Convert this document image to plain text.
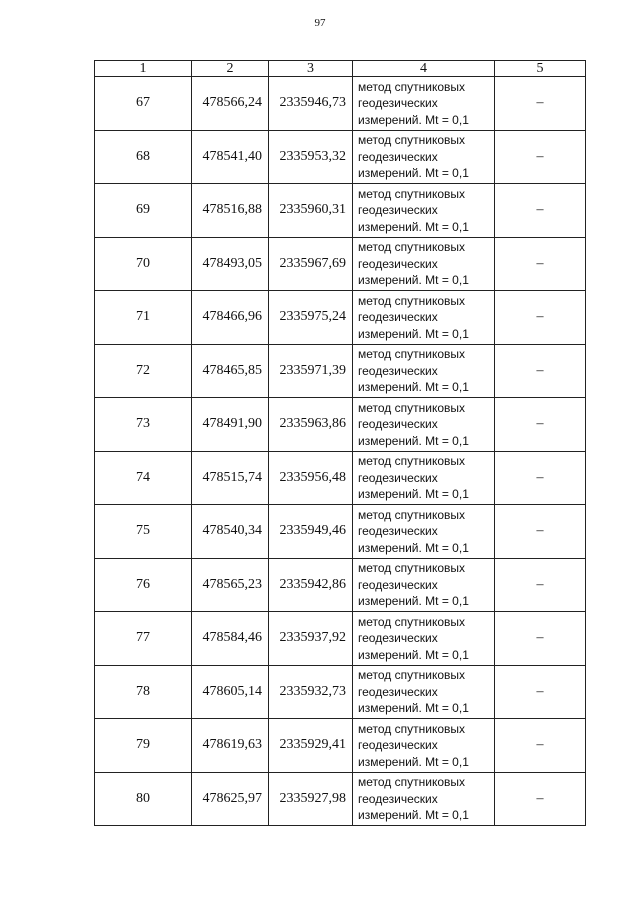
97
1	2	3	4	5
67	478566,24	2335946,73	метод спутниковых
геодезических
измерений. Mt = 0,1	–
68	478541,40	2335953,32	метод спутниковых
геодезических
измерений. Mt = 0,1	–
69	478516,88	2335960,31	метод спутниковых
геодезических
измерений. Mt = 0,1	–
70	478493,05	2335967,69	метод спутниковых
геодезических
измерений. Mt = 0,1	–
71	478466,96	2335975,24	метод спутниковых
геодезических
измерений. Mt = 0,1	–
72	478465,85	2335971,39	метод спутниковых
геодезических
измерений. Mt = 0,1	–
73	478491,90	2335963,86	метод спутниковых
геодезических
измерений. Mt = 0,1	–
74	478515,74	2335956,48	метод спутниковых
геодезических
измерений. Mt = 0,1	–
75	478540,34	2335949,46	метод спутниковых
геодезических
измерений. Mt = 0,1	–
76	478565,23	2335942,86	метод спутниковых
геодезических
измерений. Mt = 0,1	–
77	478584,46	2335937,92	метод спутниковых
геодезических
измерений. Mt = 0,1	–
78	478605,14	2335932,73	метод спутниковых
геодезических
измерений. Mt = 0,1	–
79	478619,63	2335929,41	метод спутниковых
геодезических
измерений. Mt = 0,1	–
80	478625,97	2335927,98	метод спутниковых
геодезических
измерений. Mt = 0,1	–
